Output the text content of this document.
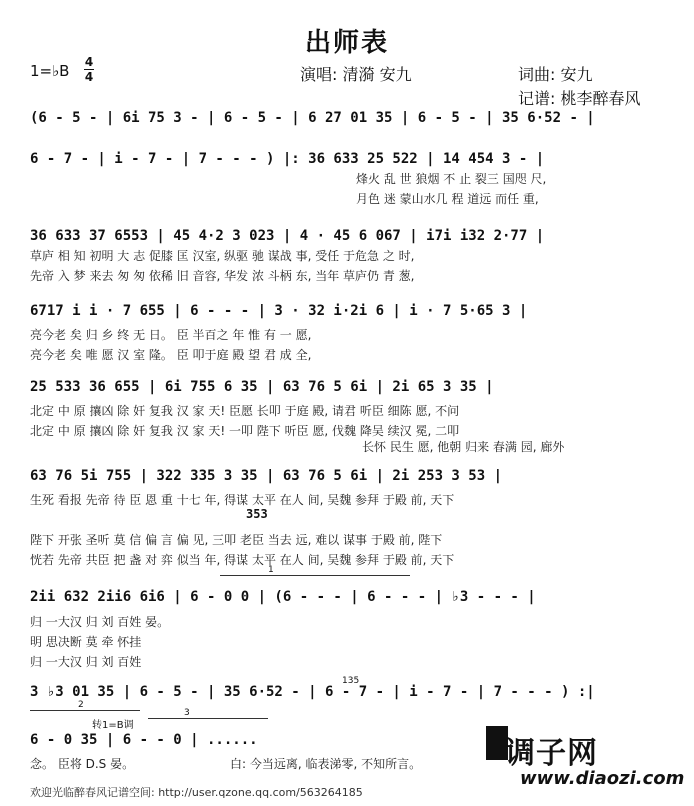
出师表
1=♭B 4
4	演唱: 清漪 安九	词曲: 安九
记谱: 桃李醉春风
(6 - 5 - | 6i 75 3 - | 6 - 5 - | 6 27 01 35 | 6 - 5 - | 35 6·52 - |
6 - 7 - | i - 7 - | 7 - - - ) |: 36 633 25 522 | 14 454 3 - |
36 633 37 6553 | 45 4·2 3 023 | 4 · 45 6 067 | i7i i32 2·77 |
6717 i i · 7 655 | 6 - - - | 3 · 32 i·2i 6 | i · 7 5·65 3 |
25 533 36 655 | 6i 755 6 35 | 63 76 5 6i | 2i 65 3 35 |
63 76 5i 755 | 322 335 3 35 | 63 76 5 6i | 2i 253 3 53 |
2ii 632 2ii6 6i6 | 6 - 0 0 | (6 - - - | 6 - - - | ♭3 - - - |
3 ♭3 01 35 | 6 - 5 - | 35 6·52 - | 6 - 7 - | i - 7 - | 7 - - - ) :|
6 - 0 35 | 6 - - 0 | ......
烽火 乱 世 狼烟 不 止 裂三 国咫 尺,
月色 迷 蒙山水几 程 道远 而任 重,
草庐 相 知 初明 大 志 促膝 匡 汉室, 纵驱 驰 谋战 事, 受任 于危急 之 时,
先帝 入 梦 来去 匆 匆 依稀 旧 音容, 华发 浓 斗柄 东, 当年 草庐仍 青 葱,
亮今老 矣 归 乡 终 无 日。 臣 半百之 年 惟 有 一 愿,
亮今老 矣 唯 愿 汉 室 隆。 臣 叩于庭 殿 望 君 成 全,
北定 中 原 攘凶 除 奸 复我 汉 家 天! 臣愿 长叩 于庭 殿, 请君 听臣 细陈 愿, 不问
北定 中 原 攘凶 除 奸 复我 汉 家 天! 一叩 陛下 听臣 愿, 伐魏 降吴 续汉 冕, 二叩
长怀 民生 愿, 他朝 归来 春满 园, 廊外
生死 看报 先帝 待 臣 恩 重 十七 年, 得谋 太平 在人 间, 吴魏 参拜 于殿 前, 天下
陛下 开张 圣听 莫 信 偏 言 偏 见, 三叩 老臣 当去 远, 难以 谋事 于殿 前, 陛下
恍若 先帝 共臣 把 盏 对 弈 似当 年, 得谋 太平 在人 间, 吴魏 参拜 于殿 前, 天下
归 一大汉 归 刘 百姓 晏。
明 思决断 莫 牵 怀挂
归 一大汉 归 刘 百姓
念。 臣将 D.S 晏。	白: 今当远离, 临表涕零, 不知所言。
1
2
3
转1=B调
135
353
调子网
www.diaozi.com
欢迎光临醉春风记谱空间: http://user.qzone.qq.com/563264185
